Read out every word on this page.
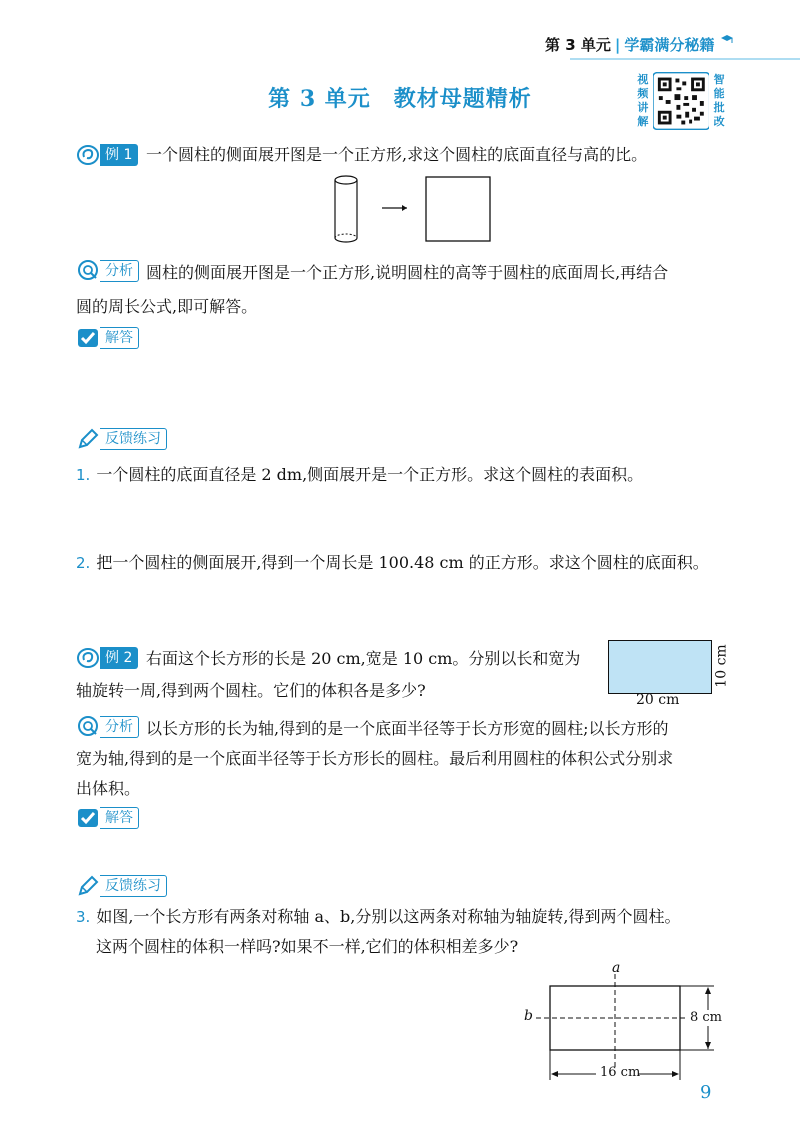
第 3 单元 | 学霸满分秘籍
第 3 单元　教材母题精析
视频讲解
智能批改
例 1 一个圆柱的侧面展开图是一个正方形,求这个圆柱的底面直径与高的比。
分析 圆柱的侧面展开图是一个正方形,说明圆柱的高等于圆柱的底面周长,再结合
圆的周长公式,即可解答。
解答
反馈练习
1. 一个圆柱的底面直径是 2 dm,侧面展开是一个正方形。求这个圆柱的表面积。
2. 把一个圆柱的侧面展开,得到一个周长是 100.48 cm 的正方形。求这个圆柱的底面积。
例 2 右面这个长方形的长是 20 cm,宽是 10 cm。分别以长和宽为
轴旋转一周,得到两个圆柱。它们的体积各是多少?	20 cm
10 cm
分析 以长方形的长为轴,得到的是一个底面半径等于长方形宽的圆柱;以长方形的
宽为轴,得到的是一个底面半径等于长方形长的圆柱。最后利用圆柱的体积公式分别求
出体积。
解答
反馈练习
3. 如图,一个长方形有两条对称轴 a、b,分别以这两条对称轴为轴旋转,得到两个圆柱。
这两个圆柱的体积一样吗?如果不一样,它们的体积相差多少?
a
b	8 cm
16 cm
9
